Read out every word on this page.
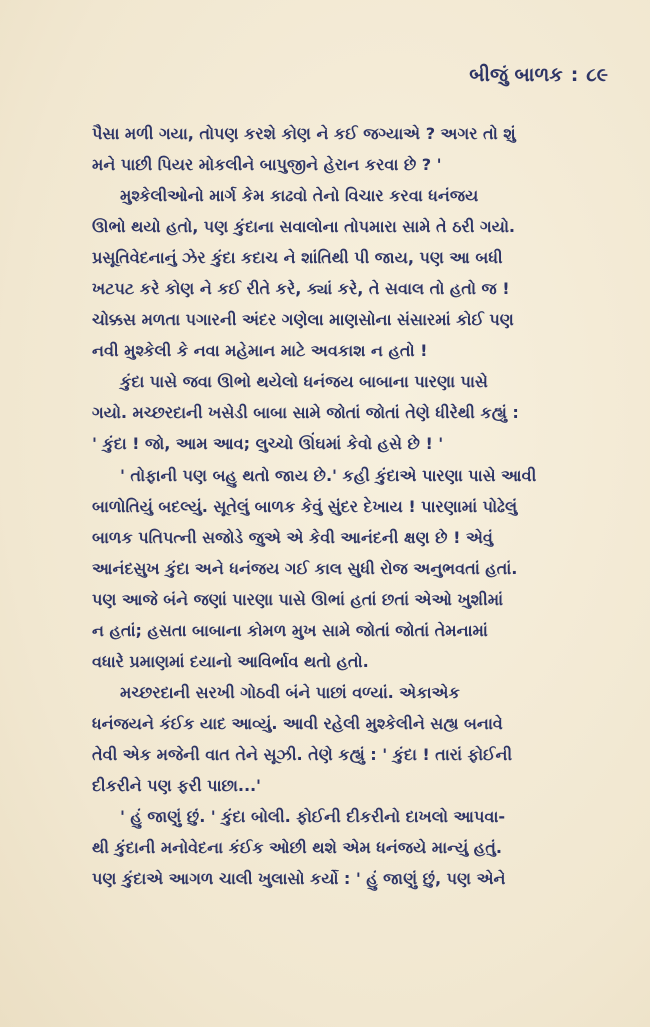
બીજું બાળક : ૮૯
પૈસા મળી ગયા, તોપણ કરશે કોણ ને કઈ જગ્યાએ ? અગર તો શું
મને પાછી પિયર મોકલીને બાપુજીને હેરાન કરવા છે ? '
મુશ્કેલીઓનો માર્ગ કેમ કાઢવો તેનો વિચાર કરવા ધનંજય
ઊભો થયો હતો, પણ કુંદાના સવાલોના તોપમારા સામે તે ઠરી ગયો.
પ્રસૂતિવેદનાનું ઝેર કુંદા કદાચ ને શાંતિથી પી જાય, પણ આ બધી
ખટપટ કરે કોણ ને કઈ રીતે કરે, ક્યાં કરે, તે સવાલ તો હતો જ !
ચોક્કસ મળતા પગારની અંદર ગણેલા માણસોના સંસારમાં કોઈ પણ
નવી મુશ્કેલી કે નવા મહેમાન માટે અવકાશ ન હતો !
કુંદા પાસે જવા ઊભો થયેલો ધનંજય બાબાના પારણા પાસે
ગયો. મચ્છરદાની ખસેડી બાબા સામે જોતાં જોતાં તેણે ધીરેથી કહ્યું :
' કુંદા ! જો, આમ આવ; લુચ્ચો ઊંઘમાં કેવો હસે છે ! '
' તોફાની પણ બહુ થતો જાય છે.' કહી કુંદાએ પારણા પાસે આવી
બાળોતિયું બદલ્યું. સૂતેલું બાળક કેવું સુંદર દેખાય ! પારણામાં પોઢેલું
બાળક પતિપત્ની સજોડે જુએ એ કેવી આનંદની ક્ષણ છે ! એવું
આનંદસુખ કુંદા અને ધનંજય ગઈ કાલ સુધી રોજ અનુભવતાં હતાં.
પણ આજે બંને જણાં પારણા પાસે ઊભાં હતાં છતાં એઓ ખુશીમાં
ન હતાં; હસતા બાબાના કોમળ મુખ સામે જોતાં જોતાં તેમનામાં
વધારે પ્રમાણમાં દયાનો આવિર્ભાવ થતો હતો.
મચ્છરદાની સરખી ગોઠવી બંને પાછાં વળ્યાં. એકાએક
ધનંજયને કંઈક યાદ આવ્યું. આવી રહેલી મુશ્કેલીને સહ્ય બનાવે
તેવી એક મજેની વાત તેને સૂઝી. તેણે કહ્યું : ' કુંદા ! તારાં ફોઈની
દીકરીને પણ ફરી પાછા...'
' હું જાણું છું. ' કુંદા બોલી. ફોઈની દીકરીનો દાખલો આપવા-
થી કુંદાની મનોવેદના કંઈક ઓછી થશે એમ ધનંજયે માન્યું હતું.
પણ કુંદાએ આગળ ચાલી ખુલાસો કર્યો : ' હું જાણું છું, પણ એને
